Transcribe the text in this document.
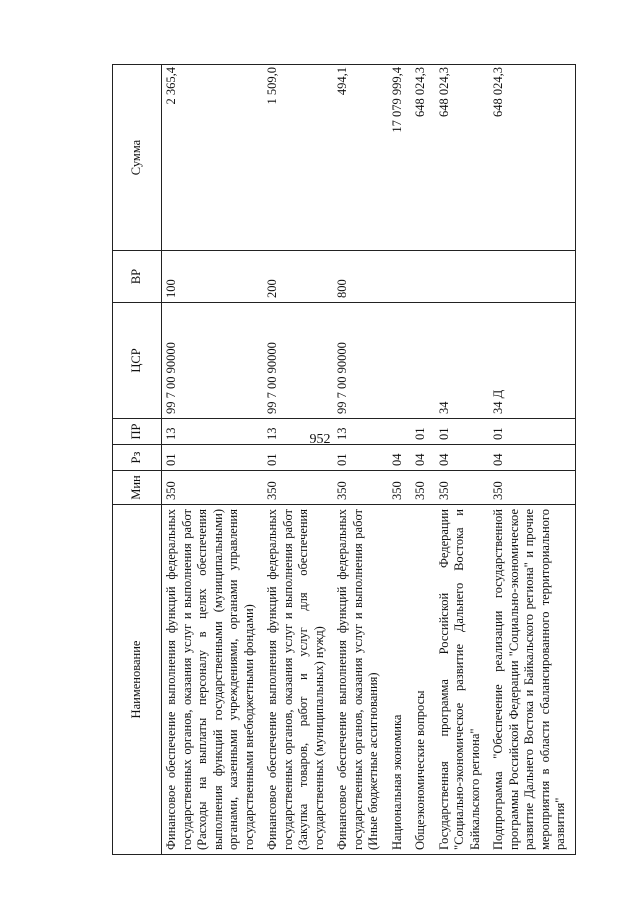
952
Наименование	Мин	Рз	ПР	ЦСР	ВР	Сумма
Финансовое обеспечение выполнения функций федеральных государственных органов, оказания услуг и выполнения работ (Расходы на выплаты персоналу в целях обеспечения выполнения функций государственными (муниципальными) органами, казенными учреждениями, органами управления государственными внебюджетными фондами)	350	01	13	99 7 00 90000	100	2 365,4
Финансовое обеспечение выполнения функций федеральных государственных органов, оказания услуг и выполнения работ (Закупка товаров, работ и услуг для обеспечения государственных (муниципальных) нужд)	350	01	13	99 7 00 90000	200	1 509,0
Финансовое обеспечение выполнения функций федеральных государственных органов, оказания услуг и выполнения работ (Иные бюджетные ассигнования)	350	01	13	99 7 00 90000	800	494,1
Национальная экономика	350	04				17 079 999,4
Общеэкономические вопросы	350	04	01			648 024,3
Государственная программа Российской Федерации "Социально-экономическое развитие Дальнего Востока и Байкальского региона"	350	04	01	34		648 024,3
Подпрограмма "Обеспечение реализации государственной программы Российской Федерации "Социально-экономическое развитие Дальнего Востока и Байкальского региона" и прочие мероприятия в области сбалансированного территориального развития"	350	04	01	34 Д		648 024,3
